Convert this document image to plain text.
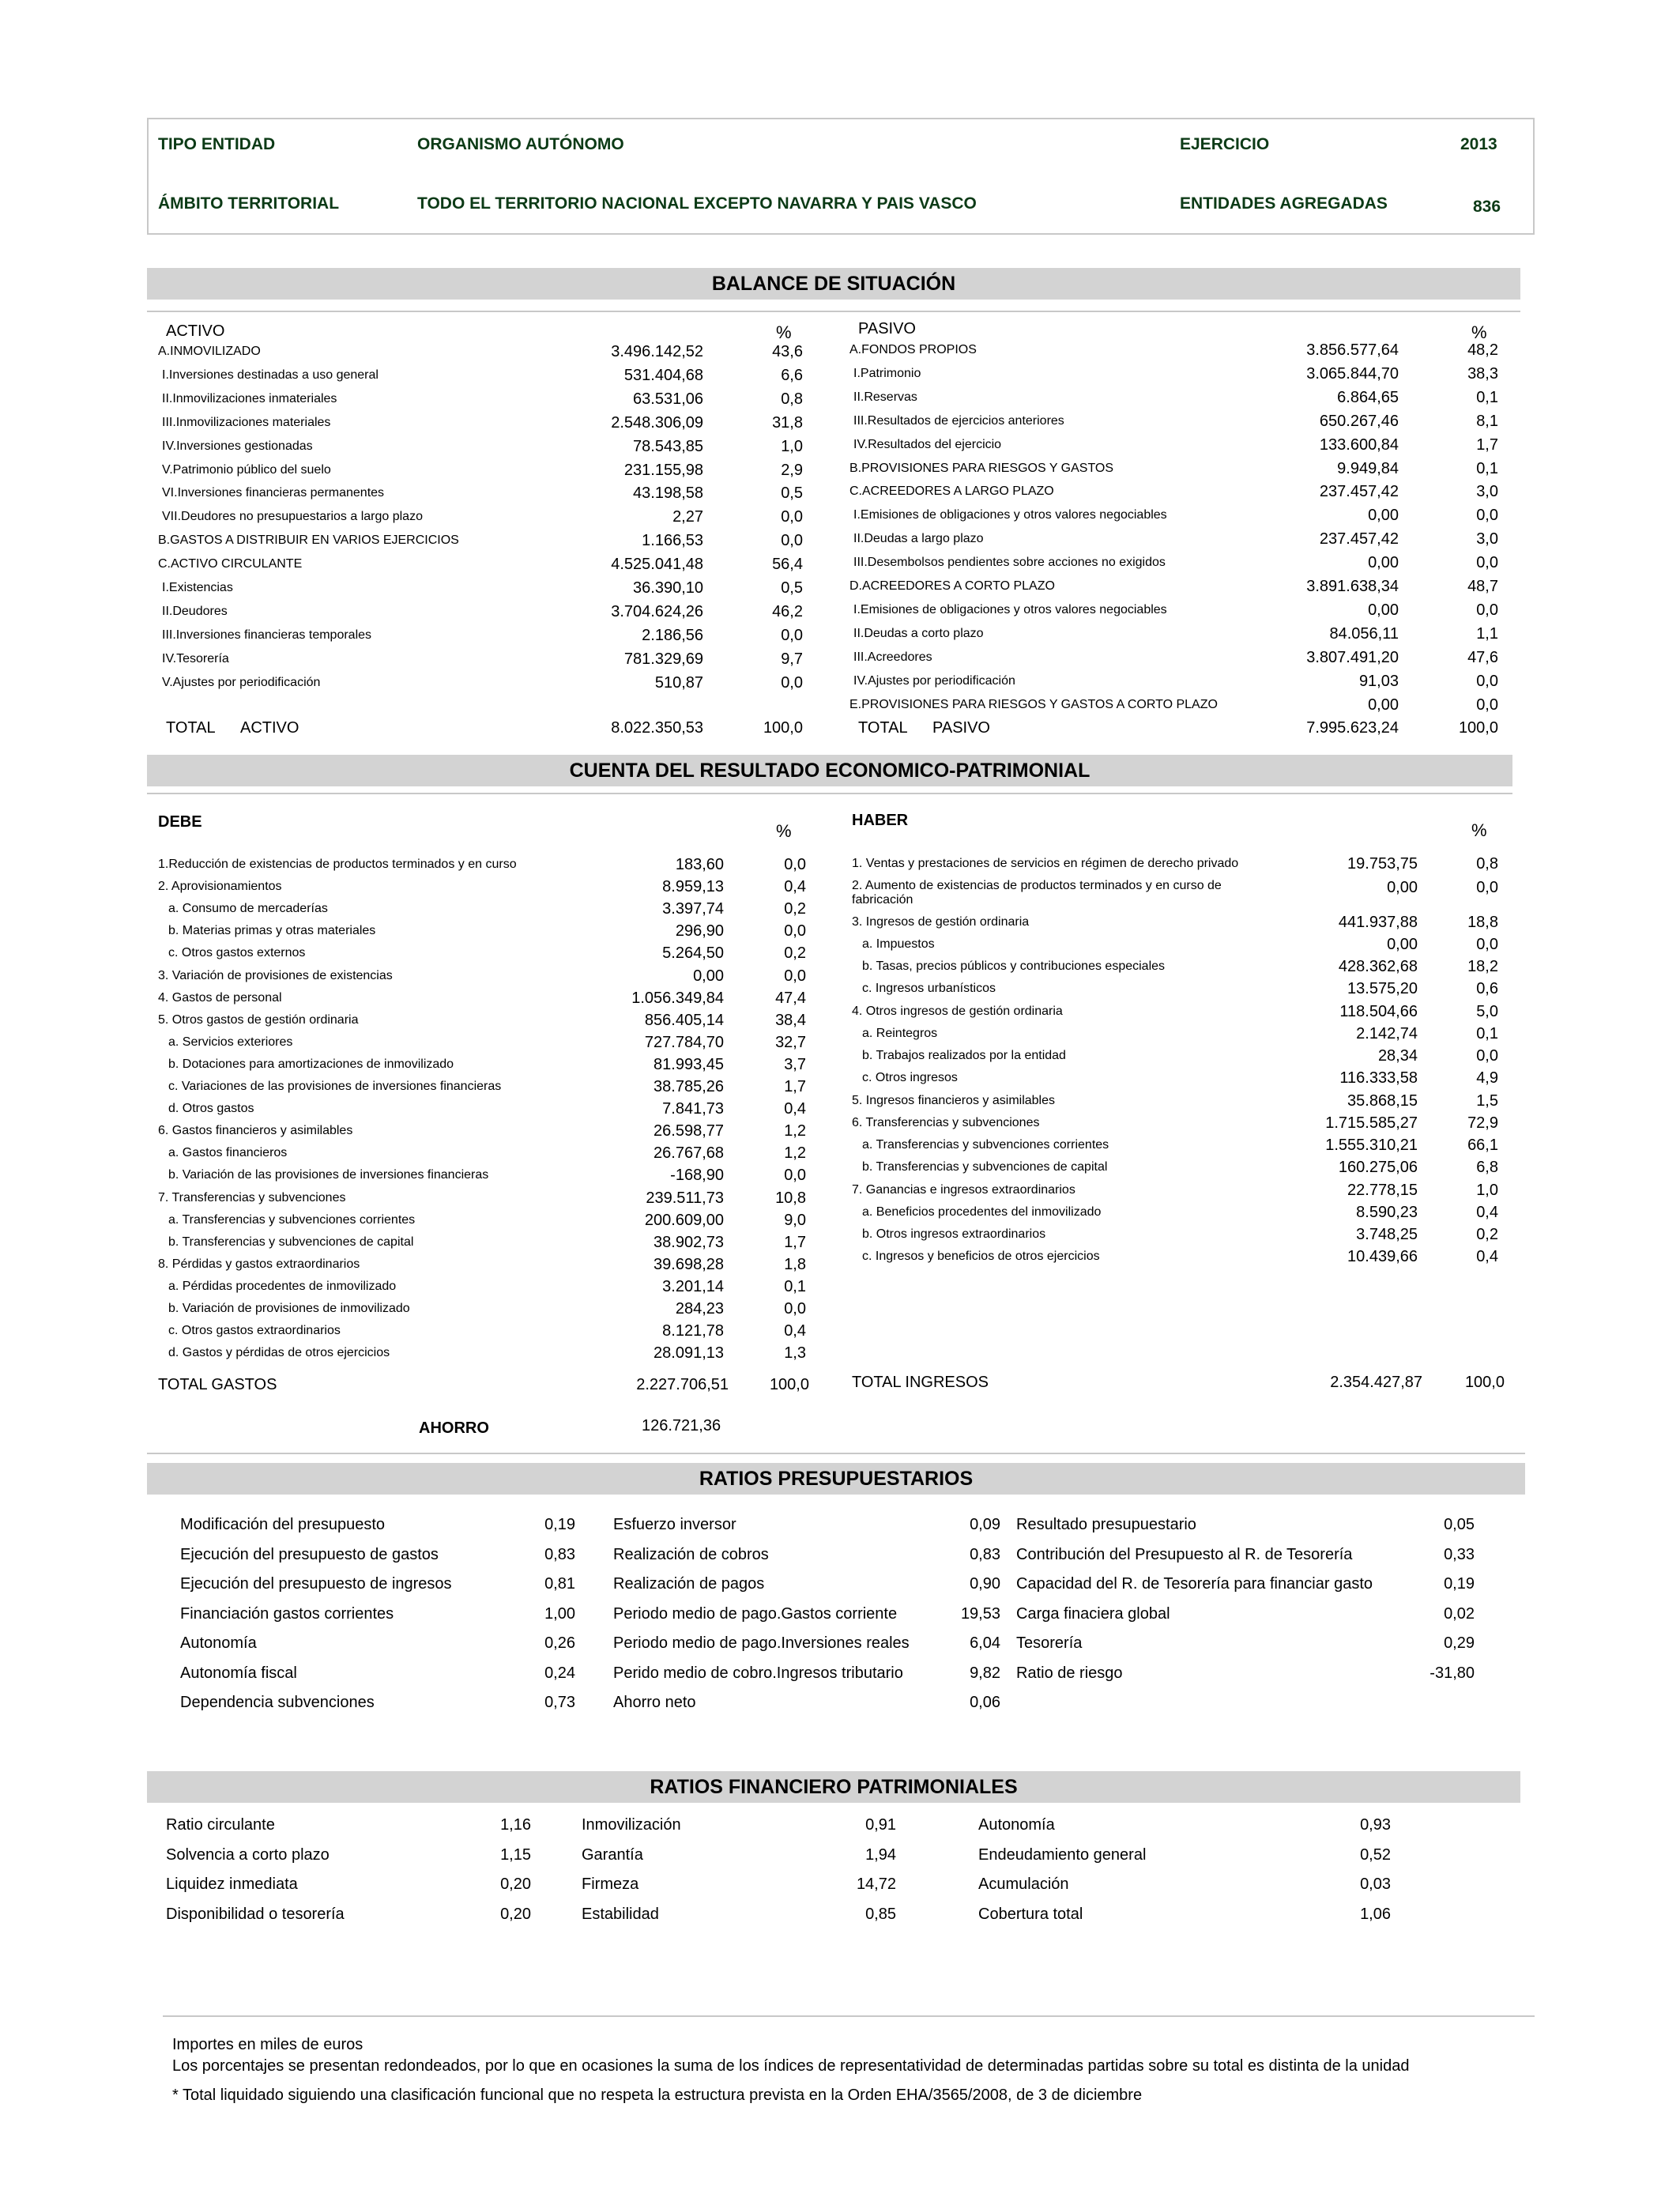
TIPO ENTIDAD	ORGANISMO AUTÓNOMO	EJERCICIO	2013
ÁMBITO TERRITORIAL	TODO EL TERRITORIO NACIONAL EXCEPTO NAVARRA Y PAIS VASCO	ENTIDADES AGREGADAS	836
BALANCE DE SITUACIÓN
ACTIVO	%	PASIVO	%
A.INMOVILIZADO	3.496.142,52	43,6
I.Inversiones destinadas a uso general	531.404,68	6,6
II.Inmovilizaciones inmateriales	63.531,06	0,8
III.Inmovilizaciones materiales	2.548.306,09	31,8
IV.Inversiones gestionadas	78.543,85	1,0
V.Patrimonio público del suelo	231.155,98	2,9
VI.Inversiones financieras permanentes	43.198,58	0,5
VII.Deudores no presupuestarios a largo plazo	2,27	0,0
B.GASTOS A DISTRIBUIR EN VARIOS EJERCICIOS	1.166,53	0,0
C.ACTIVO CIRCULANTE	4.525.041,48	56,4
I.Existencias	36.390,10	0,5
II.Deudores	3.704.624,26	46,2
III.Inversiones financieras temporales	2.186,56	0,0
IV.Tesorería	781.329,69	9,7
V.Ajustes por periodificación	510,87	0,0
A.FONDOS PROPIOS	3.856.577,64	48,2
I.Patrimonio	3.065.844,70	38,3
II.Reservas	6.864,65	0,1
III.Resultados de ejercicios anteriores	650.267,46	8,1
IV.Resultados del ejercicio	133.600,84	1,7
B.PROVISIONES PARA RIESGOS Y GASTOS	9.949,84	0,1
C.ACREEDORES A LARGO PLAZO	237.457,42	3,0
I.Emisiones de obligaciones y otros valores negociables	0,00	0,0
II.Deudas a largo plazo	237.457,42	3,0
III.Desembolsos pendientes sobre acciones no exigidos	0,00	0,0
D.ACREEDORES A CORTO PLAZO	3.891.638,34	48,7
I.Emisiones de obligaciones y otros valores negociables	0,00	0,0
II.Deudas a corto plazo	84.056,11	1,1
III.Acreedores	3.807.491,20	47,6
IV.Ajustes por periodificación	91,03	0,0
E.PROVISIONES PARA RIESGOS Y GASTOS A CORTO PLAZO	0,00	0,0
TOTAL ACTIVO	8.022.350,53	100,0	TOTAL PASIVO	7.995.623,24	100,0
CUENTA DEL RESULTADO ECONOMICO-PATRIMONIAL
DEBE	%
HABER	%
1.Reducción de existencias de productos terminados y en curso	183,60	0,0
2. Aprovisionamientos	8.959,13	0,4
a. Consumo de mercaderías	3.397,74	0,2
b. Materias primas y otras materiales	296,90	0,0
c. Otros gastos externos	5.264,50	0,2
3. Variación de provisiones de existencias	0,00	0,0
4. Gastos de personal	1.056.349,84	47,4
5. Otros gastos de gestión ordinaria	856.405,14	38,4
a. Servicios exteriores	727.784,70	32,7
b. Dotaciones para amortizaciones de inmovilizado	81.993,45	3,7
c. Variaciones de las provisiones de inversiones financieras	38.785,26	1,7
d. Otros gastos	7.841,73	0,4
6. Gastos financieros y asimilables	26.598,77	1,2
a. Gastos financieros	26.767,68	1,2
b. Variación de las provisiones de inversiones financieras	-168,90	0,0
7. Transferencias y subvenciones	239.511,73	10,8
a. Transferencias y subvenciones corrientes	200.609,00	9,0
b. Transferencias y subvenciones de capital	38.902,73	1,7
8. Pérdidas y gastos extraordinarios	39.698,28	1,8
a. Pérdidas procedentes de inmovilizado	3.201,14	0,1
b. Variación de provisiones de inmovilizado	284,23	0,0
c. Otros gastos extraordinarios	8.121,78	0,4
d. Gastos y pérdidas de otros ejercicios	28.091,13	1,3
1. Ventas y prestaciones de servicios en régimen de derecho privado	19.753,75	0,8
2. Aumento de existencias de productos terminados y en curso de fabricación
0,00	0,0
3. Ingresos de gestión ordinaria	441.937,88	18,8
a. Impuestos	0,00	0,0
b. Tasas, precios públicos y contribuciones especiales	428.362,68	18,2
c. Ingresos urbanísticos	13.575,20	0,6
4. Otros ingresos de gestión ordinaria	118.504,66	5,0
a. Reintegros	2.142,74	0,1
b. Trabajos realizados por la entidad	28,34	0,0
c. Otros ingresos	116.333,58	4,9
5. Ingresos financieros y asimilables	35.868,15	1,5
6. Transferencias y subvenciones	1.715.585,27	72,9
a. Transferencias y subvenciones corrientes	1.555.310,21	66,1
b. Transferencias y subvenciones de capital	160.275,06	6,8
7. Ganancias e ingresos extraordinarios	22.778,15	1,0
a. Beneficios procedentes del inmovilizado	8.590,23	0,4
b. Otros ingresos extraordinarios	3.748,25	0,2
c. Ingresos y beneficios de otros ejercicios	10.439,66	0,4
TOTAL GASTOS	2.227.706,51	100,0	TOTAL INGRESOS	2.354.427,87	100,0
AHORRO	126.721,36
RATIOS PRESUPUESTARIOS
Modificación del presupuesto	0,19
Ejecución del presupuesto de gastos	0,83
Ejecución del presupuesto de ingresos	0,81
Financiación gastos corrientes	1,00
Autonomía	0,26
Autonomía fiscal	0,24
Dependencia subvenciones	0,73
Esfuerzo inversor	0,09
Realización de cobros	0,83
Realización de pagos	0,90
Periodo medio de pago.Gastos corriente	19,53
Periodo medio de pago.Inversiones reales	6,04
Perido medio de cobro.Ingresos tributario	9,82
Ahorro neto	0,06
Resultado presupuestario	0,05
Contribución del Presupuesto al R. de Tesorería	0,33
Capacidad del R. de Tesorería para financiar gasto	0,19
Carga finaciera global	0,02
Tesorería	0,29
Ratio de riesgo	-31,80
RATIOS FINANCIERO PATRIMONIALES
Ratio circulante	1,16
Solvencia a corto plazo	1,15
Liquidez inmediata	0,20
Disponibilidad o tesorería	0,20
Inmovilización	0,91
Garantía	1,94
Firmeza	14,72
Estabilidad	0,85
Autonomía	0,93
Endeudamiento general	0,52
Acumulación	0,03
Cobertura total	1,06
Importes en miles de euros
Los porcentajes se presentan redondeados, por lo que en ocasiones la suma de los índices de representatividad de determinadas partidas sobre su total es distinta de la unidad
* Total liquidado siguiendo una clasificación funcional que no respeta la estructura prevista en la Orden EHA/3565/2008, de 3 de diciembre
